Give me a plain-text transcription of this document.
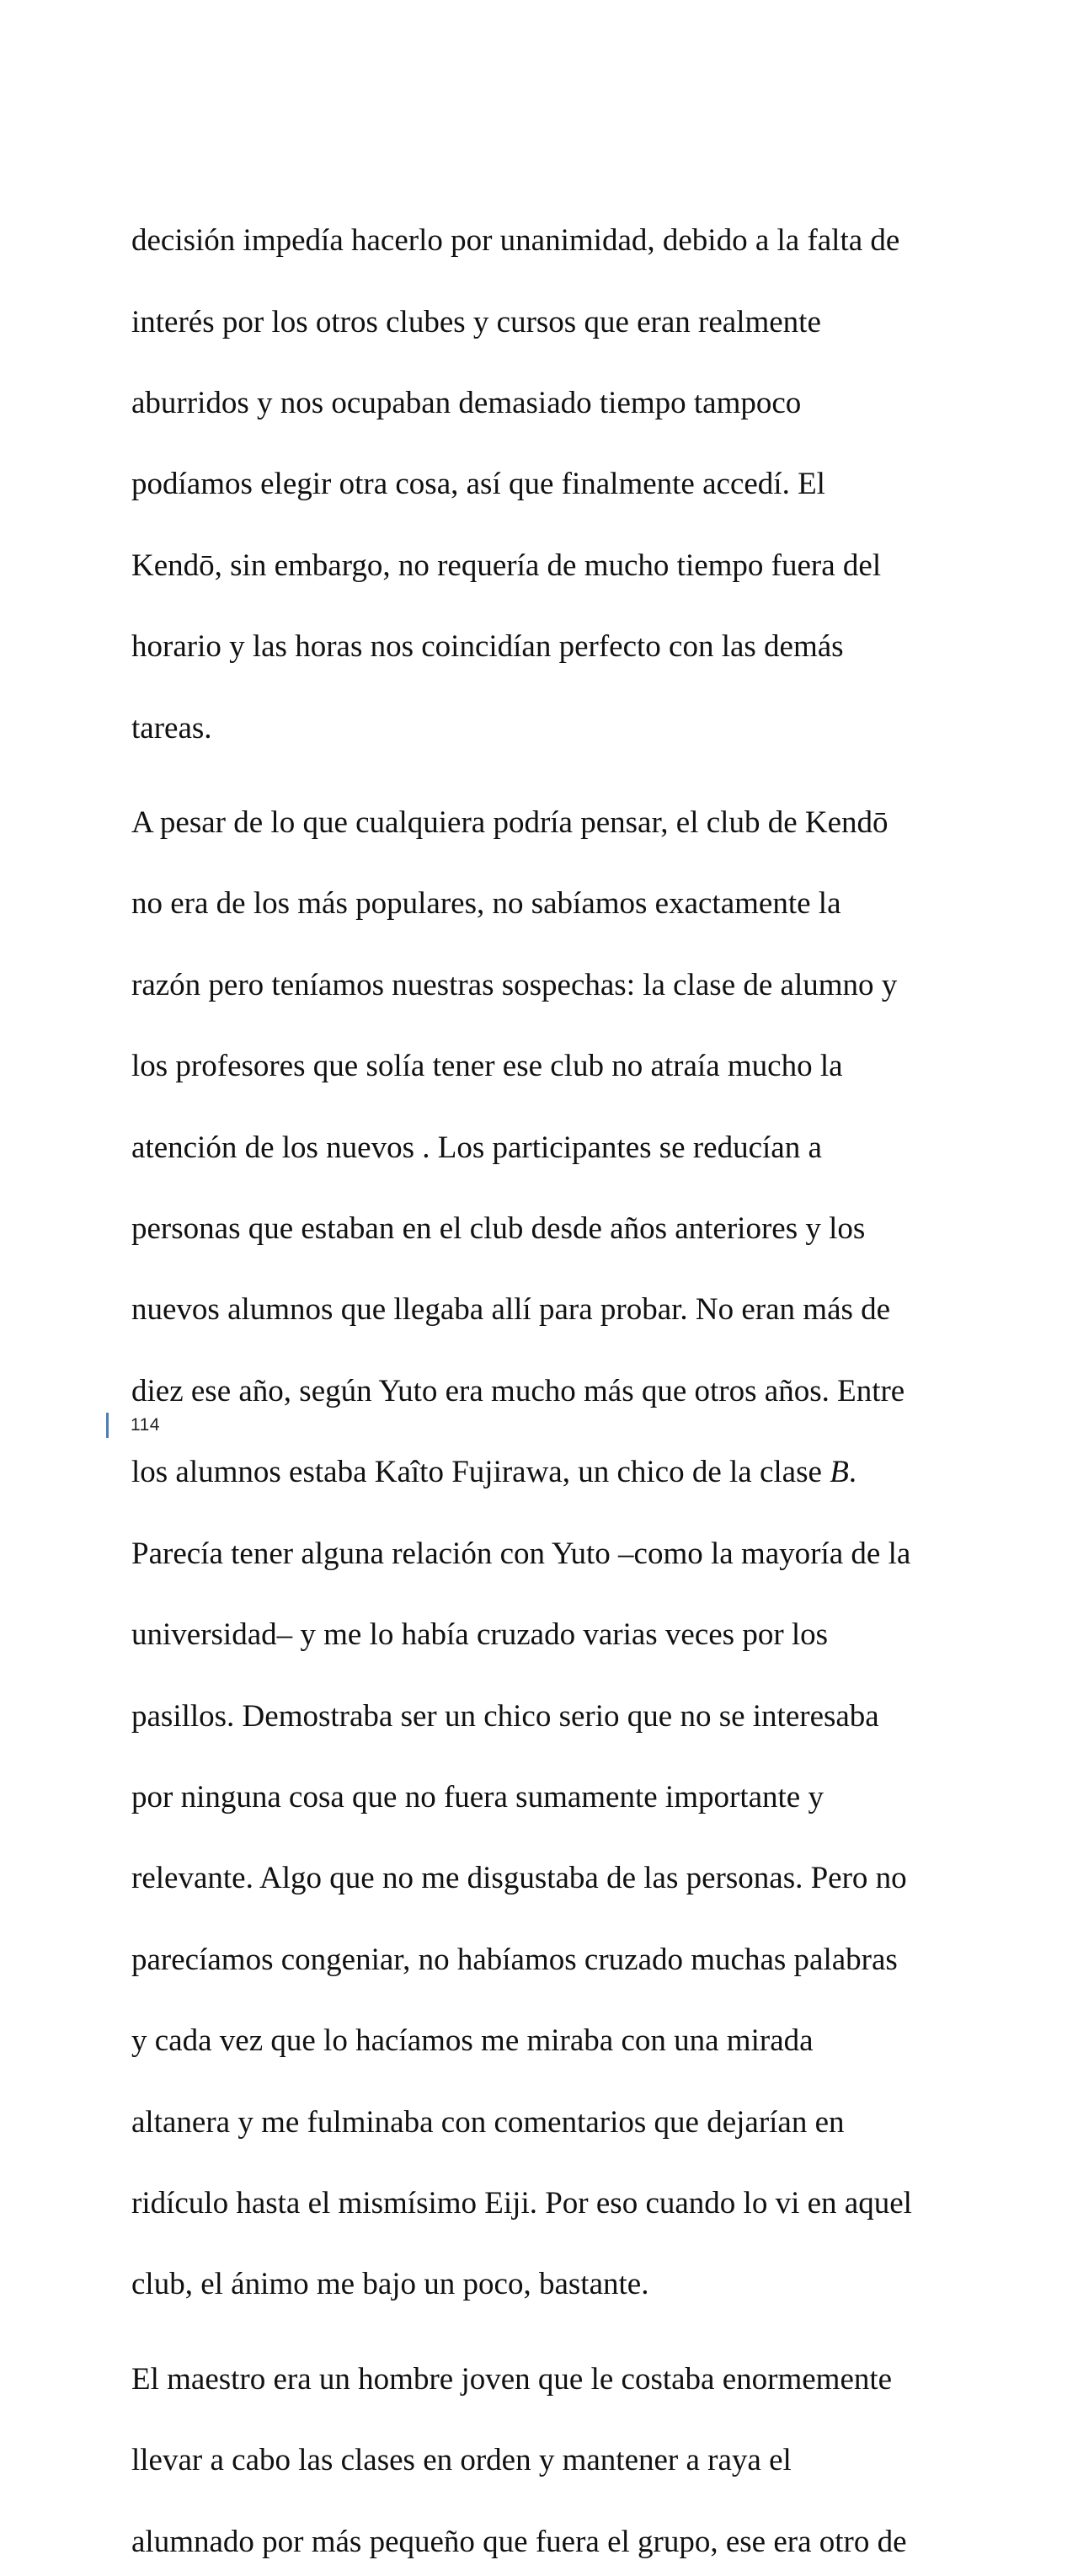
decisión impedía hacerlo por unanimidad, debido a la falta de

interés por los otros clubes y cursos que eran realmente

aburridos y nos ocupaban demasiado tiempo tampoco

podíamos elegir otra cosa, así que finalmente accedí. El

Kendō, sin embargo, no requería de mucho tiempo fuera del

horario y las horas nos coincidían perfecto con las demás

tareas.

A pesar de lo que cualquiera podría pensar, el club de Kendō

no era de los más populares, no sabíamos exactamente la

razón pero teníamos nuestras sospechas: la clase de alumno y

los profesores que solía tener ese club no atraía mucho la

atención de los nuevos . Los participantes se reducían a

personas que estaban en el club desde años anteriores y los

nuevos alumnos que llegaba allí para probar. No eran más de

diez ese año, según Yuto era mucho más que otros años. Entre

los alumnos estaba Kaîto Fujirawa, un chico de la clase B.

Parecía tener alguna relación con Yuto –como la mayoría de la

universidad– y me lo había cruzado varias veces por los

pasillos. Demostraba ser un chico serio que no se interesaba

por ninguna cosa que no fuera sumamente importante y

relevante. Algo que no me disgustaba de las personas. Pero no

parecíamos congeniar, no habíamos cruzado muchas palabras

y cada vez que lo hacíamos me miraba con una mirada

altanera y me fulminaba con comentarios que dejarían en

ridículo hasta el mismísimo Eiji. Por eso cuando lo vi en aquel

club, el ánimo me bajo un poco, bastante.

El maestro era un hombre joven que le costaba enormemente

llevar a cabo las clases en orden y mantener a raya el

alumnado por más pequeño que fuera el grupo, ese era otro de

114
